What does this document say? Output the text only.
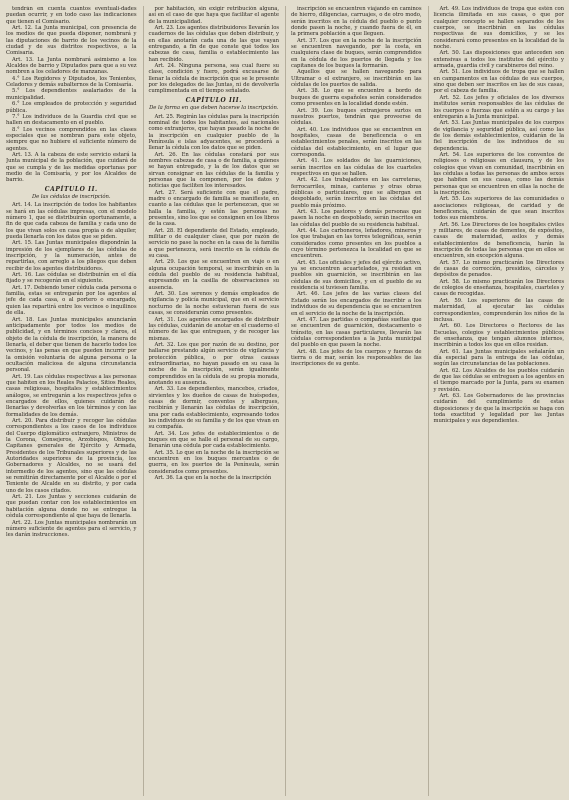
tendrán en cuenta cuantos eventuali-dades puedan ocurrir, y en todo caso las indicaciones que tienen el Comisario.

Art. 12. La Junta municipal, con presencia de los medios de que pueda disponer, nombrará y las diputaciones de barrio de los vecinos de la ciudad y de sus distritos respectivos, a la Comisaría.

Art. 13. La Junta nombrará asimismo a los Alcaldes de barrio y Diputados para que a su vez nombren a los celadores de manzanas.

4.° Los Regidores y Diputados, los Tenientes, Celadores y demás subalternos de la Comisaría.

5.° Los dependientes asalariados de la municipalidad.

6.° Los empleados de protección y seguridad pública.

7.° Los individuos de la Guardia civil que se hallen en destacamento en el pueblo.

8.° Los vecinos comprendidos en las clases especiales que se nombran para este objeto, siempre que no hubiere el suficiente número de agentes.

Art. 13. A la cabeza de este servicio estará la Junta municipal de la población, que cuidará de que se cumpla y de las medidas oportunas por medio de la Comisaría, y por los Alcaldes de barrio.

CAPÍTULO II.

De las cédulas de inscripción.

Art. 14. La inscripción de todos los habitantes se hará en las cédulas impresas, con el modelo número 1, que se distribuirán oportunamente, a fin de que cada cabeza de familia y cada uno de los que vivan solos en casa propia o de alquiler, pueda llenarla con los datos que se piden.

Art. 15. Las Juntas municipales dispondrán la impresión de los ejemplares de las cédulas de inscripción, y la numeración, antes de repartirlas, con arreglo a los pliegos que deben recibir de los agentes distribuidores.

Art. 16. Las cédulas se distribuirán en el día fijado y se recogerán en el siguiente.

Art. 17. Debiendo tener cédula cada persona o familia, estas se entregarán por los agentes al jefe de cada casa, o al portero o encargado, quien las repartirá entre los vecinos o inquilinos de ella.

Art. 18. Las Juntas municipales anunciarán anticipadamente por todos los medios de publicidad, y en términos concisos y claros, el objeto de la cédula de inscripción, la manera de llenarla, el deber que tienen de hacerlo todos los vecinos, y las penas en que pueden incurrir por la omisión voluntaria de alguna persona o la ocultación maliciosa de alguna circunstancia personal.

Art. 19. Las cédulas respectivas a las personas que habiten en los Reales Palacios, Sitios Reales, casas religiosas, hospitales y establecimientos análogos, se entregarán a los respectivos jefes o encargados de ellos, quienes cuidarán de llenarlas y devolverlas en los términos y con las formalidades de los demás.

Art. 20. Para distribuir y recoger las cédulas correspondientes a los casos de los individuos del Cuerpo diplomático extranjero, Ministros de la Corona, Consejeros, Arzobispos, Obispos, Capitanes generales de Ejército y Armada, Presidentes de los Tribunales superiores y de las Autoridades superiores de la provincia, los Gobernadores y Alcaldes, no se usará del intermedio de los agentes, sino que las cédulas se remitirán directamente por el Alcalde o por el Teniente de Alcalde en su distrito, y por cada uno de los casos citados.

Art. 21. Los Juntas y secciones cuidarán de que puedan contar con los establecimientos en habitación alguna donde no se entregue la cédula correspondiente al que haya de llenarla.

Art. 22. Los Juntas municipales nombrarán un número suficiente de agentes para el servicio, y les darán instrucciones.

por habitación, sin exigir retribución alguna, así en el caso de que haya que facilitar el agente de la municipalidad.

Art. 23. Los agentes distribuidores llevarán los cuadernos de las cédulas que deben distribuir, y en ellas anotarán cada una de las que vayan entregando, a fin de que conste qué todos los cabezas de casa, familia o establecimiento las han recibido.

Art. 24. Ninguna persona, sea cual fuere su clase, condición y fuero, podrá excusarse de llenar la cédula de inscripción que se le presente por los delegados de las Juntas, ni de devolverla cumplimentada en el tiempo señalado.

CAPÍTULO III.

De la forma en que deben hacerse la inscripción.

Art. 25. Regirán las cédulas para la inscripción nominal de todos los habitantes, así nacionales como extranjeros, que hayan pasado la noche de la inscripción en cualquier pueblo de la Península e islas adyacentes, se procederá a llenar la cédula con los datos que se piden.

Art. 26. En las cédulas constará por sus nombres cabezas de casa o de familia, a quienes se hayan entregado, y la de los datos que se sirvan consignar en las cédulas de la familia y personas que la componen, por los datos y noticias que faciliten los interesados.

Art. 27. Será suficiente con que el padre, madre o encargado de familia se manifieste, en cuanto a las cédulas que le pertenezcan, que se halla la familia, y estén las personas no presentes, sino los que se consignen en los libros de la casa.

Art. 28. El dependiente del Estado, empleado, militar o de cualquier clase, que por razón de servicio no pase la noche en la casa de la familia a que pertenezca, será inscrito en la cédula de su casa.

Art. 29. Los que se encuentren en viaje o en alguna ocupación temporal, se inscribirán en la cédula del pueblo de su residencia habitual, expresando en la casilla de observaciones su ausencia.

Art. 30. Los serenos y demás empleados de vigilancia y policía municipal, que en el servicio nocturno de la noche estuvieran fuera de sus casas, se considerarán como presentes.

Art. 31. Los agentes encargados de distribuir las cédulas, cuidarán de anotar en el cuaderno el número de las que entreguen, y de recoger las mismas.

Art. 32. Los que por razón de su destino, por hallarse prestando algún servicio de vigilancia y protección pública, o por otras causas extraordinarias, no hayan pasado en su casa la noche de la inscripción, serán igualmente comprendidos en la cédula de su propia morada, anotando su ausencia.

Art. 33. Los dependientes, mancebos, criados, sirvientes y los dueños de casas de huéspedes, casas de dormir, conventos y albergues, recibirán y llenarán las cédulas de inscripción, una por cada establecimiento, expresando todos los individuos de su familia y de los que vivan en su compañía.

Art. 34. Los jefes de establecimientos o de buques en que se halle el personal de su cargo, llenarán una cédula por cada establecimiento.

Art. 35. Lo que en la noche de la inscripción se encuentren en los buques mercantes o de guerra, en los puertos de la Península, serán considerados como presentes.

Art. 36. La que en la noche de la inscripción

inscripción se encuentren viajando en caminos de hierro, diligencias, carruajes, o de otro modo, serán inscritos en la cédula del pueblo o punto donde pasen la noche, y cuando fuera de él, en la primera población a que lleguen.

Art. 37. Los que en la noche de la inscripción se encuentren navegando, por la costa, en cualquiera clase de buques, serán comprendidos en la cédula de los puertos de llegada y los capitanes de los buques la formarán.

Aquellos que se hallen navegando para Ultramar o el extranjero, se inscribirán en las cédulas de los puertos de salida.

Art. 38. Lo que se encuentre a bordo de buques de guerra españoles serán considerados como presentes en la localidad donde estén.

Art. 39. Los buques extranjeros surtos en nuestros puertos, tendrán que proveerse de cédulas.

Art. 40. Los individuos que se encuentren en hospitales, casas de beneficencia o en establecimientos penales, serán inscritos en las cédulas del establecimiento, en el lugar que corresponda.

Art. 41. Los soldados de las guarniciones, serán inscritos en las cédulas de los cuarteles respectivos en que se hallen.

Art. 42. Los trabajadores en las carreteras, ferrocarriles, minas, canteras y otras obras públicas o particulares, que se albergan en despoblado, serán inscritos en las cédulas del pueblo más próximo.

Art. 43. Los pastores y demás personas que pasen la noche en despoblado, serán inscritos en las cédulas del pueblo de su residencia habitual.

Art. 44. Los carboneros, leñadores, mineros y los que trabajan en las torres telegráficas, serán considerados como presentes en los pueblos a cuyo término pertenezca la localidad en que se encuentren.

Art. 45. Los oficiales y jefes del ejército activo, ya se encuentren acuartelados, ya residan en pueblos sin guarnición, se inscribirán en las cédulas de sus domicilios, y en el pueblo de su residencia si tuviesen familia.

Art. 46. Los jefes de las varias clases del Estado serán los encargados de inscribir a los individuos de su dependencia que se encuentren en el servicio de la noche de la inscripción.

Art. 47. Las partidas o compañías sueltas que se encuentren de guarnición, destacamento o tránsito, en las casas particulares, llevarán las cédulas correspondientes a la Junta municipal del pueblo en que pasen la noche.

Art. 48. Los jefes de los cuerpos y fuerzas de tierra o de mar, serán los responsables de las inscripciones de su gente.

Art. 49. Los individuos de tropa que estén con licencia ilimitada en sus casas, o que por cualquier concepto se hallen separados de los cuerpos, se inscribirán en las cédulas respectivas de sus domicilios, y se les considerará como presentes en la localidad de la noche.

Art. 50. Las disposiciones que anteceden son extensivas a todos los institutos del ejército y armada, guardia civil y carabineros del reino.

Art. 51. Los individuos de tropa que se hallen en campamentos en las cédulas de sus cuerpos, sino que deben ser inscritos en las de sus casas, por el cabeza de familia.

Art. 52. Los jefes y oficiales de los diversos institutos serán responsables de las cédulas de los cuerpos o fuerzas que estén a su cargo y las entregarán a la Junta municipal.

Art. 53. Las Juntas municipales de los cuerpos de vigilancia y seguridad pública, así como las de los demás establecimientos, cuidarán de la fiel inscripción de los individuos de su dependencia.

Art. 54. Los superiores de los conventos de religiosos o religiosas en clausura, y de los colegios que vivan en comunidad, inscribirán en las cédulas a todas las personas de ambos sexos que habiten en sus casas, como las demás personas que se encuentren en ellas la noche de la inscripción.

Art. 55. Los superiores de las comunidades o asociaciones religiosas, de caridad y de beneficencia, cuidarán de que sean inscritos todos sus miembros.

Art. 56. Los Directores de los hospitales civiles y militares, de casas de dementes, de expósitos, casas de maternidad, asilos y demás establecimientos de beneficencia, harán la inscripción de todas las personas que en ellos se encuentren, sin excepción alguna.

Art. 57. Lo mismo practicarán los Directores de casas de corrección, presidios, cárceles y depósitos de penados.

Art. 58. Lo mismo practicarán los Directores de colegios de enseñanza, hospitales, cuarteles y casas de recogidas.

Art. 59. Los superiores de las casas de maternidad, al ejecutar las cédulas correspondientes, comprenderán los niños de la inclusa.

Art. 60. Los Directores o Rectores de las Escuelas, colegios y establecimientos públicos de enseñanza, que tengan alumnos internos, inscribirán a todos los que en ellos residan.

Art. 61. Las Juntas municipales señalarán un día especial para la entrega de las cédulas, según las circunstancias de las poblaciones.

Art. 62. Los Alcaldes de los pueblos cuidarán de que las cédulas se entreguen a los agentes en el tiempo marcado por la Junta, para su examen y revisión.

Art. 63. Los Gobernadores de las provincias cuidarán del cumplimiento de estas disposiciones y de que la inscripción se haga con toda exactitud y legalidad por las Juntas municipales y sus dependientes.
